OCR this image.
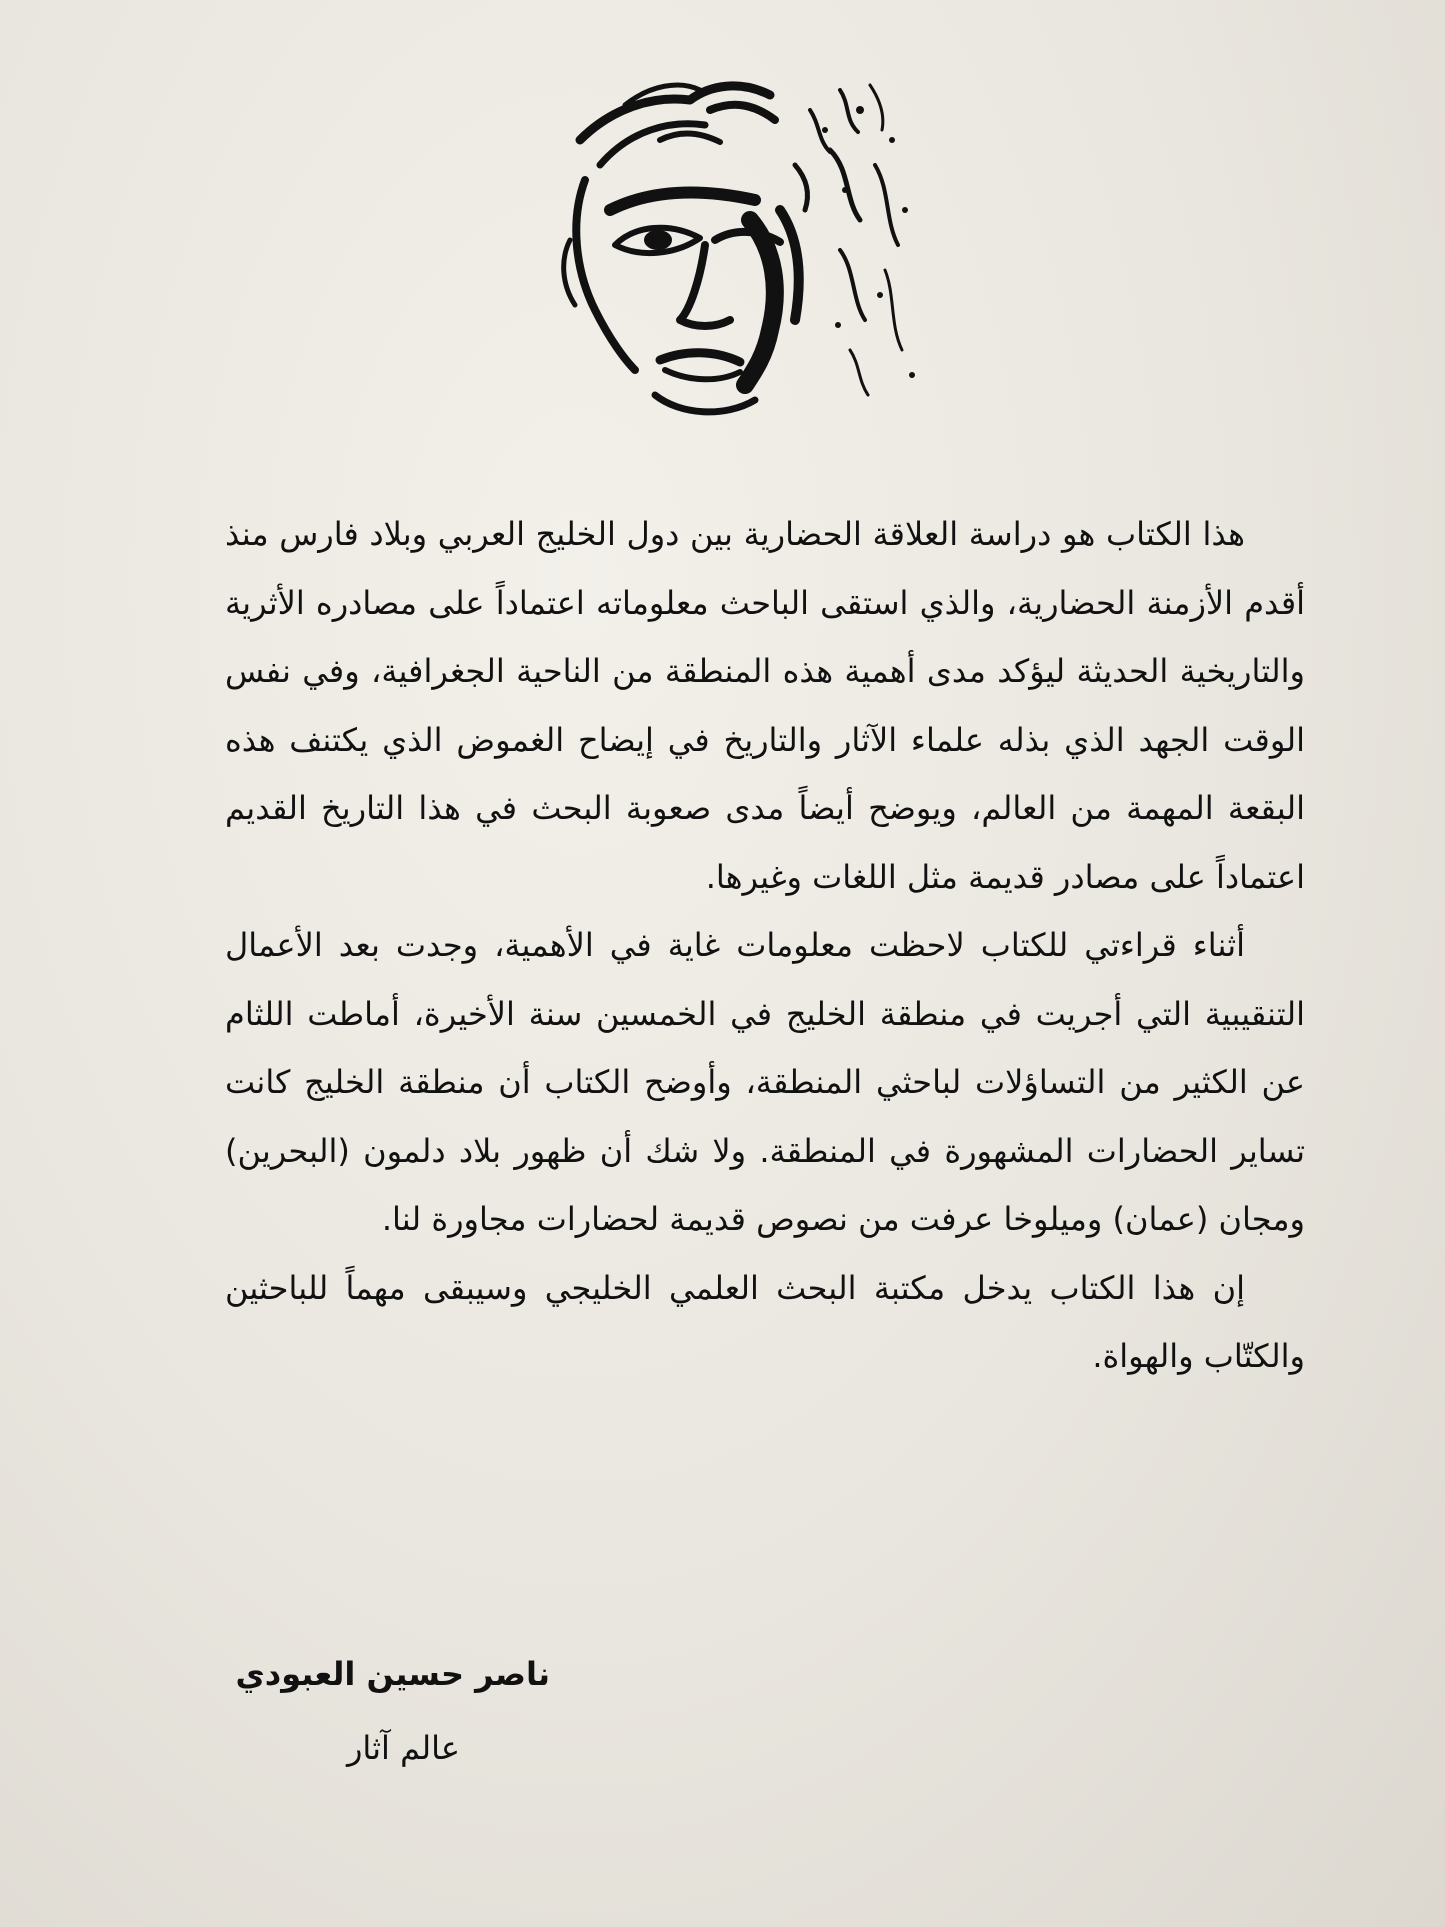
هذا الكتاب هو دراسة العلاقة الحضارية بين دول الخليج العربي وبلاد فارس منذ أقدم الأزمنة الحضارية، والذي استقى الباحث معلوماته اعتماداً على مصادره الأثرية والتاريخية الحديثة ليؤكد مدى أهمية هذه المنطقة من الناحية الجغرافية، وفي نفس الوقت الجهد الذي بذله علماء الآثار والتاريخ في إيضاح الغموض الذي يكتنف هذه البقعة المهمة من العالم، ويوضح أيضاً مدى صعوبة البحث في هذا التاريخ القديم اعتماداً على مصادر قديمة مثل اللغات وغيرها.

أثناء قراءتي للكتاب لاحظت معلومات غاية في الأهمية، وجدت بعد الأعمال التنقيبية التي أجريت في منطقة الخليج في الخمسين سنة الأخيرة، أماطت اللثام عن الكثير من التساؤلات لباحثي المنطقة، وأوضح الكتاب أن منطقة الخليج كانت تساير الحضارات المشهورة في المنطقة. ولا شك أن ظهور بلاد دلمون (البحرين) ومجان (عمان) وميلوخا عرفت من نصوص قديمة لحضارات مجاورة لنا.

إن هذا الكتاب يدخل مكتبة البحث العلمي الخليجي وسيبقى مهماً للباحثين والكتّاب والهواة.

ناصر حسين العبودي

عالم آثار
